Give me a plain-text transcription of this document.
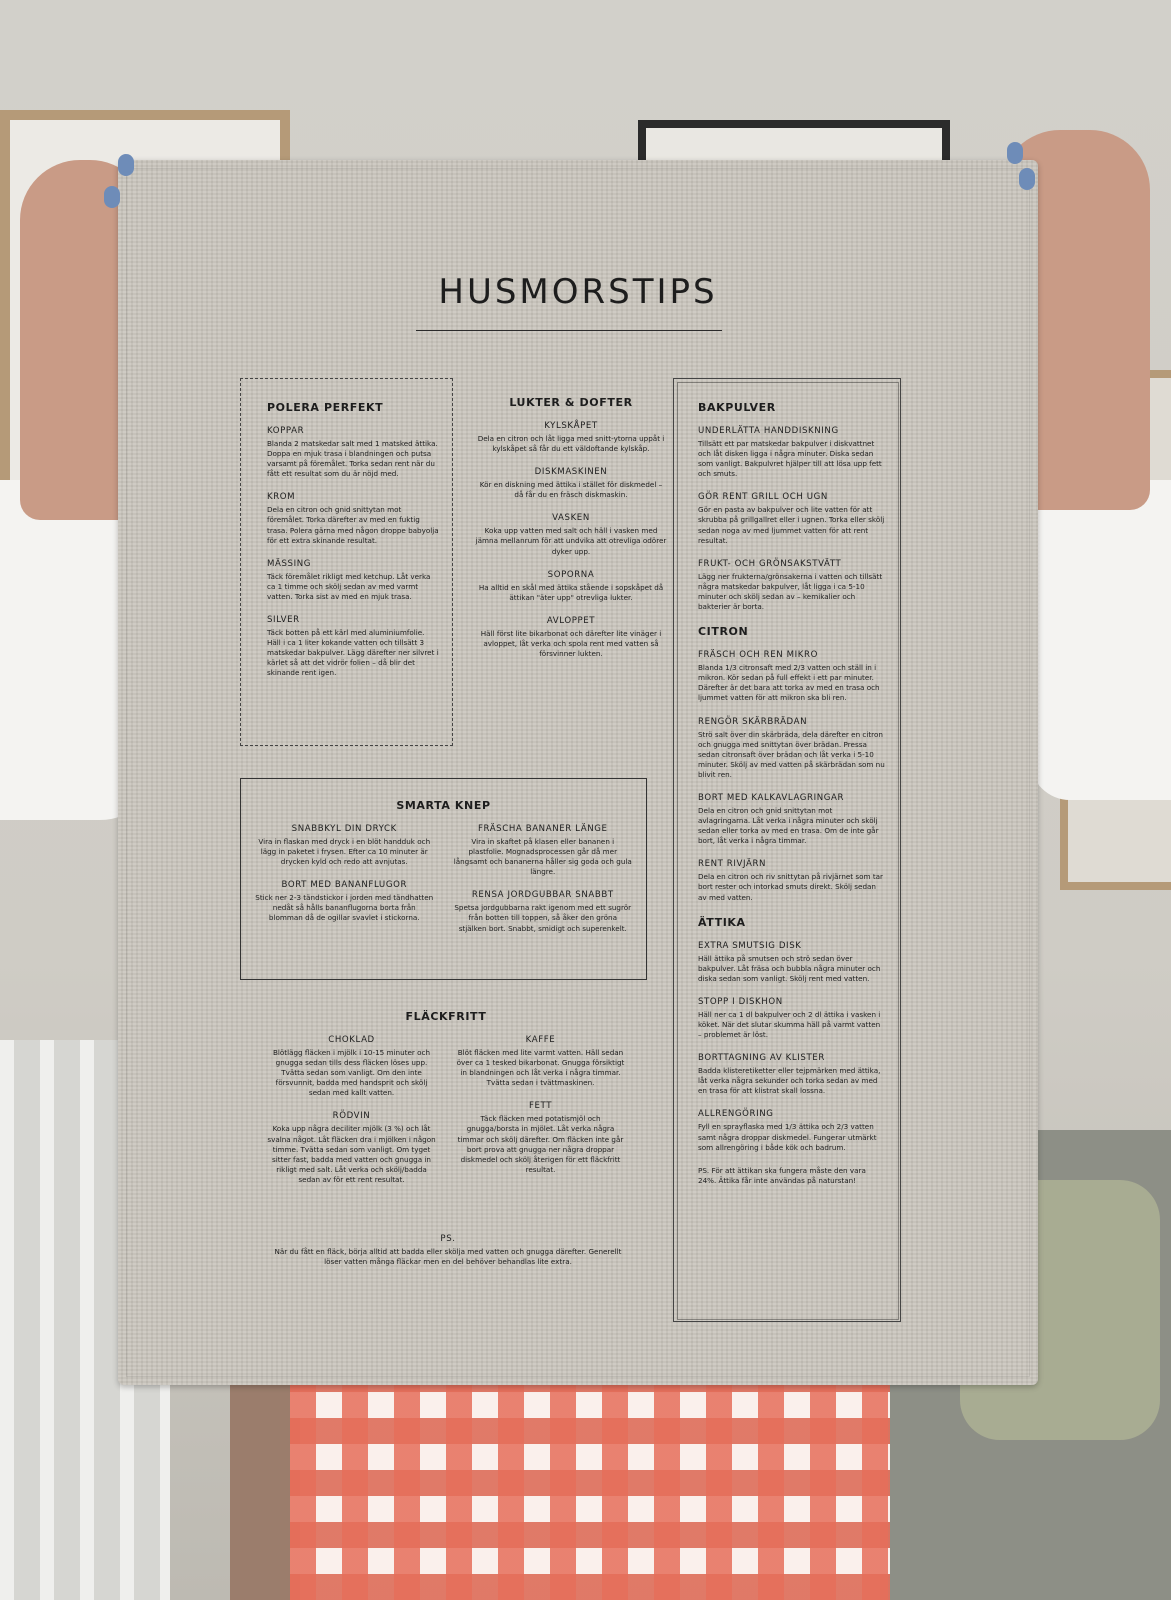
HUSMORSTIPS
POLERA PERFEKT
KOPPAR
Blanda 2 matskedar salt med 1 matsked ättika. Doppa en mjuk trasa i blandningen och putsa varsamt på föremålet. Torka sedan rent när du fått ett resultat som du är nöjd med.
KROM
Dela en citron och gnid snittytan mot föremålet. Torka därefter av med en fuktig trasa. Polera gärna med någon droppe babyolja för ett extra skinande resultat.
MÄSSING
Täck föremålet rikligt med ketchup. Låt verka ca 1 timme och skölj sedan av med varmt vatten. Torka sist av med en mjuk trasa.
SILVER
Täck botten på ett kärl med aluminiumfolie. Häll i ca 1 liter kokande vatten och tillsätt 3 matskedar bakpulver. Lägg därefter ner silvret i kärlet så att det vidrör folien – då blir det skinande rent igen.
LUKTER & DOFTER
KYLSKÅPET
Dela en citron och låt ligga med snitt-ytorna uppåt i kylskåpet så får du ett väldoftande kylskåp.
DISKMASKINEN
Kör en diskning med ättika i stället för diskmedel – då får du en fräsch diskmaskin.
VASKEN
Koka upp vatten med salt och häll i vasken med jämna mellanrum för att undvika att otrevliga odörer dyker upp.
SOPORNA
Ha alltid en skål med ättika stående i sopskåpet då ättikan "äter upp" otrevliga lukter.
AVLOPPET
Häll först lite bikarbonat och därefter lite vinäger i avloppet, låt verka och spola rent med vatten så försvinner lukten.
SMARTA KNEP
SNABBKYL DIN DRYCK
Vira in flaskan med dryck i en blöt handduk och lägg in paketet i frysen. Efter ca 10 minuter är drycken kyld och redo att avnjutas.
BORT MED BANANFLUGOR
Stick ner 2-3 tändstickor i jorden med tändhatten nedåt så hålls bananflugorna borta från blomman då de ogillar svavlet i stickorna.
FRÄSCHA BANANER LÄNGE
Vira in skaftet på klasen eller bananen i plastfolie. Mognadsprocessen går då mer långsamt och bananerna håller sig goda och gula längre.
RENSA JORDGUBBAR SNABBT
Spetsa jordgubbarna rakt igenom med ett sugrör från botten till toppen, så åker den gröna stjälken bort. Snabbt, smidigt och superenkelt.
FLÄCKFRITT
CHOKLAD
Blötlägg fläcken i mjölk i 10-15 minuter och gnugga sedan tills dess fläcken löses upp. Tvätta sedan som vanligt. Om den inte försvunnit, badda med handsprit och skölj sedan med kallt vatten.
RÖDVIN
Koka upp några deciliter mjölk (3 %) och låt svalna något. Låt fläcken dra i mjölken i någon timme. Tvätta sedan som vanligt. Om tyget sitter fast, badda med vatten och gnugga in rikligt med salt. Låt verka och skölj/badda sedan av för ett rent resultat.
KAFFE
Blöt fläcken med lite varmt vatten. Häll sedan över ca 1 tesked bikarbonat. Gnugga försiktigt in blandningen och låt verka i några timmar. Tvätta sedan i tvättmaskinen.
FETT
Täck fläcken med potatismjöl och gnugga/borsta in mjölet. Låt verka några timmar och skölj därefter. Om fläcken inte går bort prova att gnugga ner några droppar diskmedel och skölj återigen för ett fläckfritt resultat.
PS.
När du fått en fläck, börja alltid att badda eller skölja med vatten och gnugga därefter. Generellt löser vatten många fläckar men en del behöver behandlas lite extra.
BAKPULVER
UNDERLÄTTA HANDDISKNING
Tillsätt ett par matskedar bakpulver i diskvattnet och låt disken ligga i några minuter. Diska sedan som vanligt. Bakpulvret hjälper till att lösa upp fett och smuts.
GÖR RENT GRILL OCH UGN
Gör en pasta av bakpulver och lite vatten för att skrubba på grillgallret eller i ugnen. Torka eller skölj sedan noga av med ljummet vatten för att rent resultat.
FRUKT- OCH GRÖNSAKSTVÄTT
Lägg ner frukterna/grönsakerna i vatten och tillsätt några matskedar bakpulver, låt ligga i ca 5-10 minuter och skölj sedan av – kemikalier och bakterier är borta.
CITRON
FRÄSCH OCH REN MIKRO
Blanda 1/3 citronsaft med 2/3 vatten och ställ in i mikron. Kör sedan på full effekt i ett par minuter. Därefter är det bara att torka av med en trasa och ljummet vatten för att mikron ska bli ren.
RENGÖR SKÄRBRÄDAN
Strö salt över din skärbräda, dela därefter en citron och gnugga med snittytan över brädan. Pressa sedan citronsaft över brädan och låt verka i 5-10 minuter. Skölj av med vatten på skärbrädan som nu blivit ren.
BORT MED KALKAVLAGRINGAR
Dela en citron och gnid snittytan mot avlagringarna. Låt verka i några minuter och skölj sedan eller torka av med en trasa. Om de inte går bort, låt verka i några timmar.
RENT RIVJÄRN
Dela en citron och riv snittytan på rivjärnet som tar bort rester och intorkad smuts direkt. Skölj sedan av med vatten.
ÄTTIKA
EXTRA SMUTSIG DISK
Häll ättika på smutsen och strö sedan över bakpulver. Låt fräsa och bubbla några minuter och diska sedan som vanligt. Skölj rent med vatten.
STOPP I DISKHON
Häll ner ca 1 dl bakpulver och 2 dl ättika i vasken i köket. När det slutar skumma häll på varmt vatten – problemet är löst.
BORTTAGNING AV KLISTER
Badda klisteretiketter eller tejpmärken med ättika, låt verka några sekunder och torka sedan av med en trasa för att klistrat skall lossna.
ALLRENGÖRING
Fyll en sprayflaska med 1/3 ättika och 2/3 vatten samt några droppar diskmedel. Fungerar utmärkt som allrengöring i både kök och badrum.
PS. För att ättikan ska fungera måste den vara 24%. Ättika får inte användas på naturstan!
